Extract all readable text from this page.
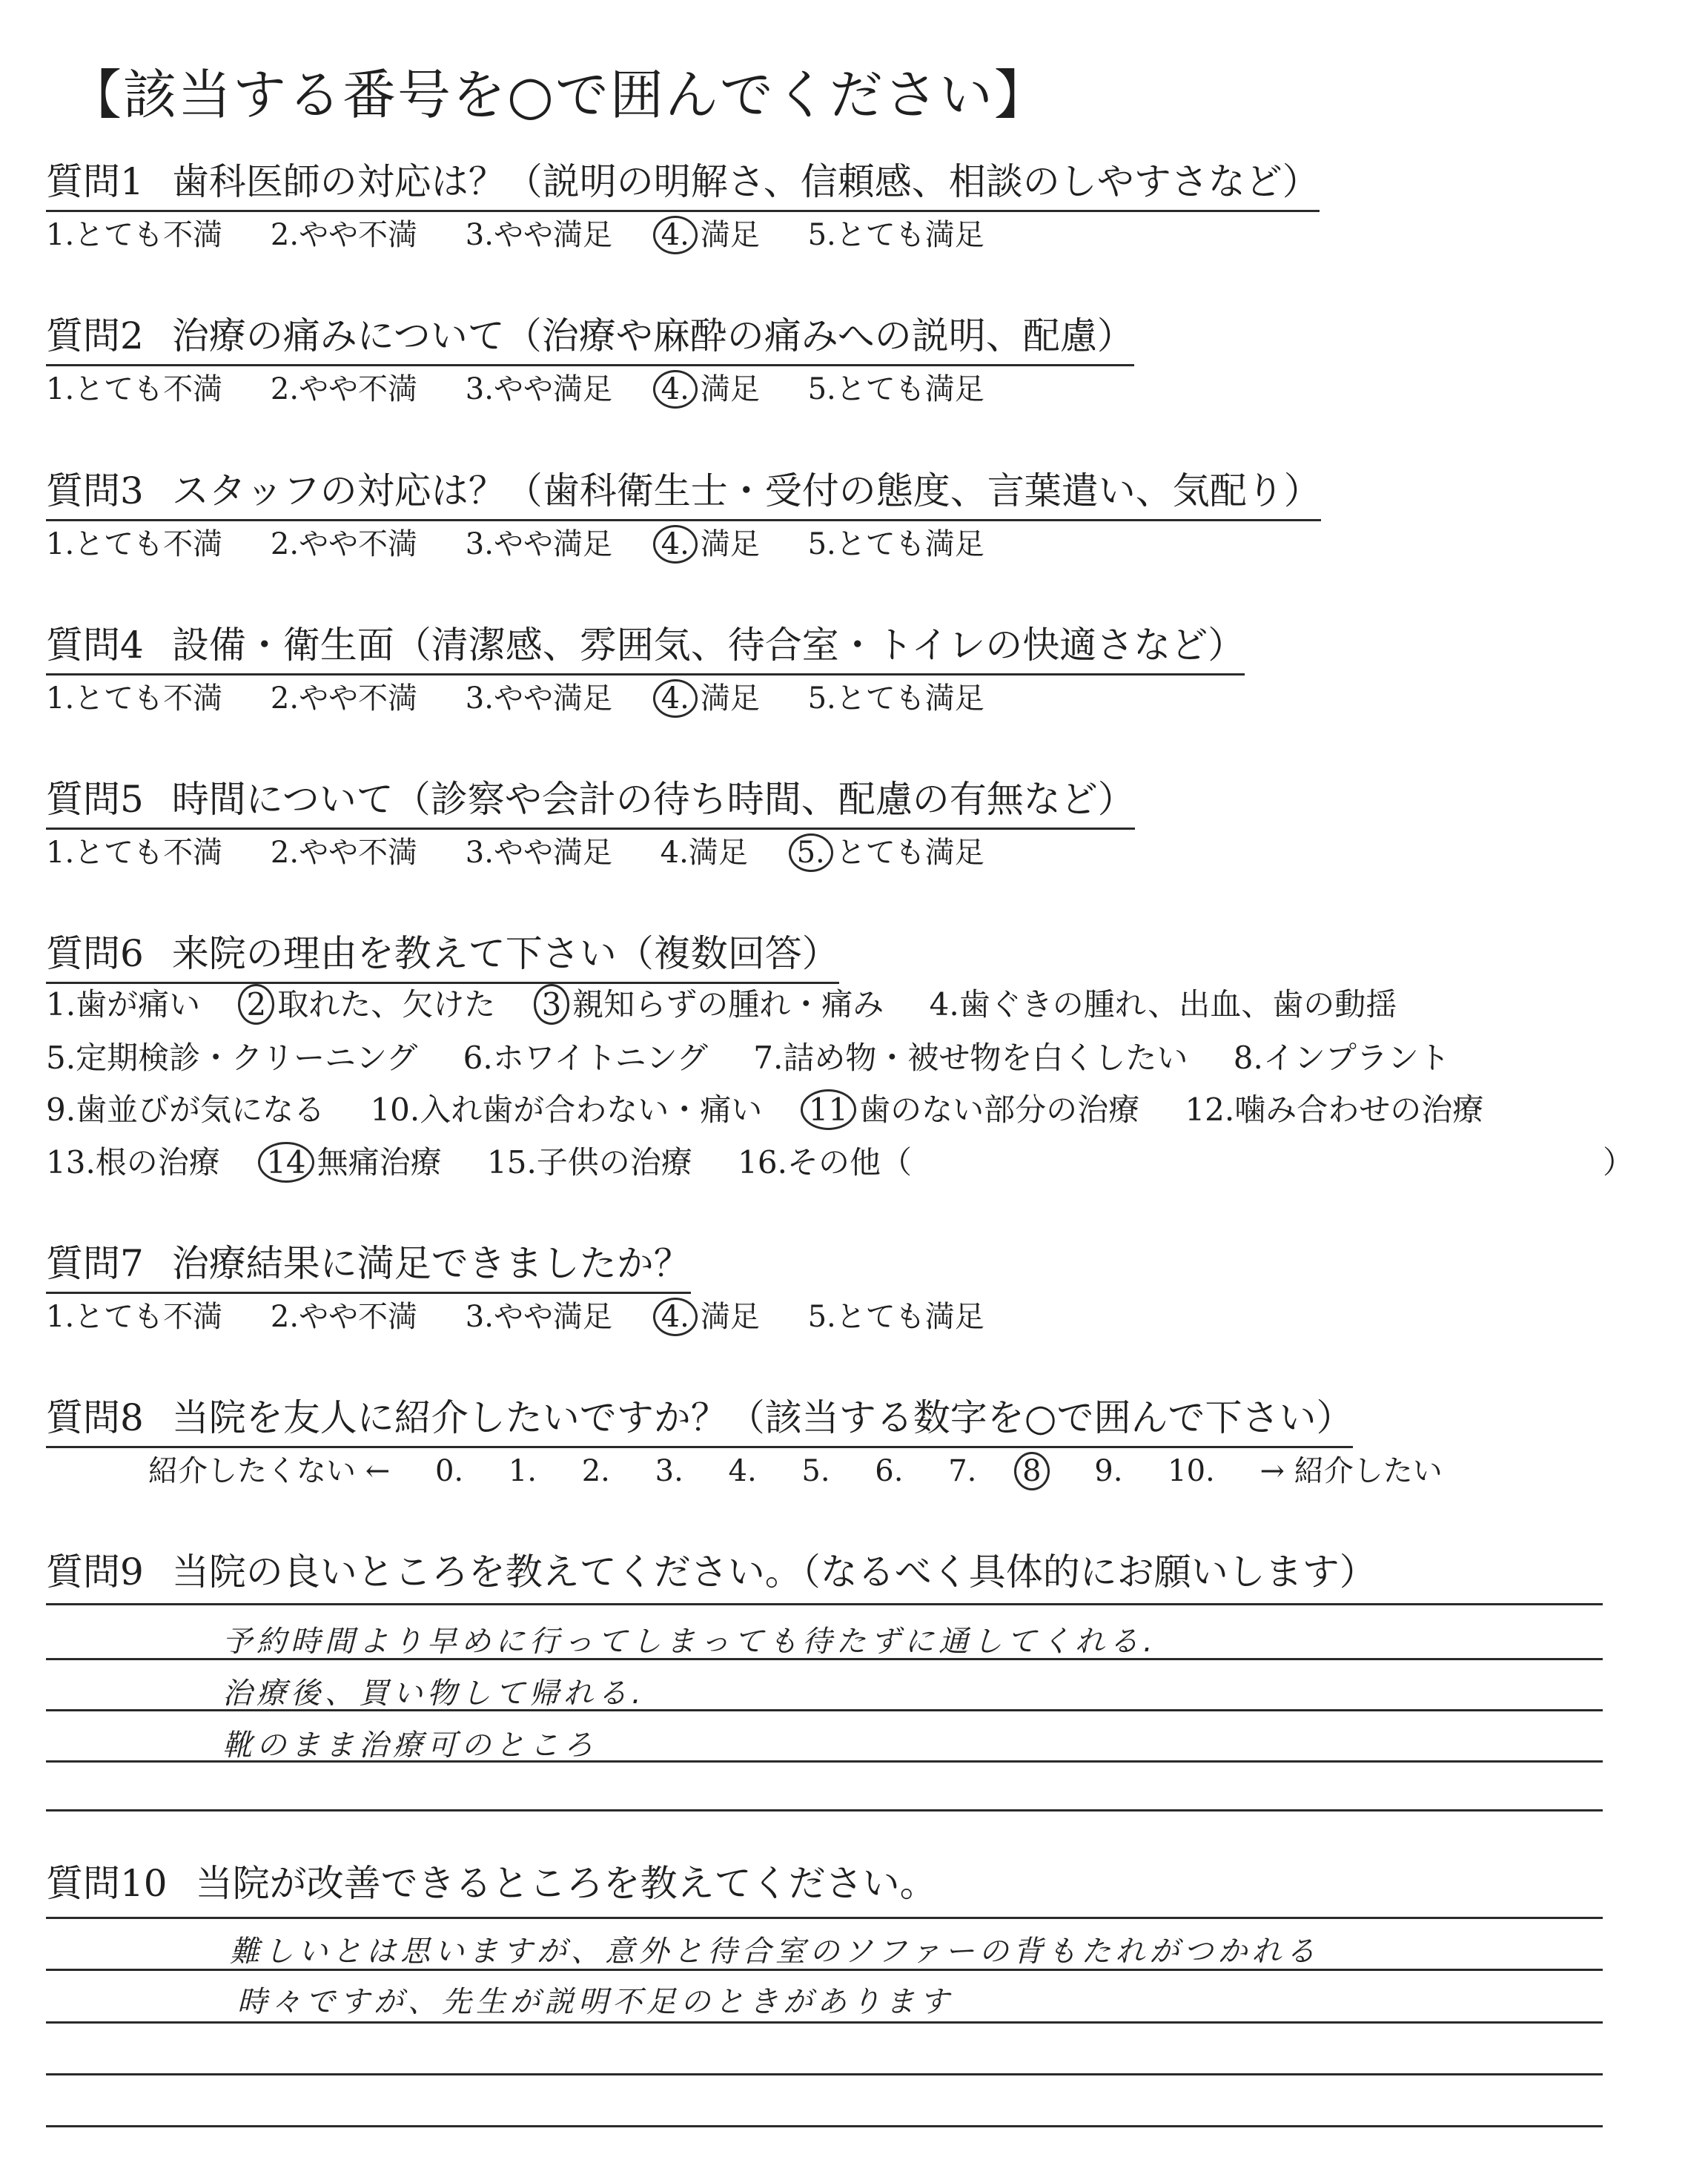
【該当する番号を○で囲んでください】
質問1 歯科医師の対応は？（説明の明解さ、信頼感、相談のしやすさなど）
1.とても不満 2.やや不満 3.やや満足 4. 満足 5.とても満足
質問2 治療の痛みについて（治療や麻酔の痛みへの説明、配慮）
1.とても不満 2.やや不満 3.やや満足 4. 満足 5.とても満足
質問3 スタッフの対応は？（歯科衛生士・受付の態度、言葉遣い、気配り）
1.とても不満 2.やや不満 3.やや満足 4. 満足 5.とても満足
質問4 設備・衛生面（清潔感、雰囲気、待合室・トイレの快適さなど）
1.とても不満 2.やや不満 3.やや満足 4. 満足 5.とても満足
質問5 時間について（診察や会計の待ち時間、配慮の有無など）
1.とても不満 2.やや不満 3.やや満足 4.満足 5. とても満足
質問6 来院の理由を教えて下さい（複数回答）
1.歯が痛い 2 取れた、欠けた 3 親知らずの腫れ・痛み 4.歯ぐきの腫れ、出血、歯の動揺
5.定期検診・クリーニング 6.ホワイトニング 7.詰め物・被せ物を白くしたい 8.インプラント
9.歯並びが気になる 10.入れ歯が合わない・痛い 11 歯のない部分の治療 12.噛み合わせの治療
13.根の治療 14 無痛治療 15.子供の治療 16.その他（	）
質問7 治療結果に満足できましたか？
1.とても不満 2.やや不満 3.やや満足 4. 満足 5.とても満足
質問8 当院を友人に紹介したいですか？（該当する数字を○で囲んで下さい）
紹介したくない ← 0. 1. 2. 3. 4. 5. 6. 7. 8 9. 10. → 紹介したい
質問9 当院の良いところを教えてください。（なるべく具体的にお願いします）
予約時間より早めに行ってしまっても待たずに通してくれる.
治療後、買い物して帰れる.
靴のまま治療可のところ
質問10 当院が改善できるところを教えてください。
難しいとは思いますが、意外と待合室のソファーの背もたれがつかれる
時々ですが、先生が説明不足のときがあります
